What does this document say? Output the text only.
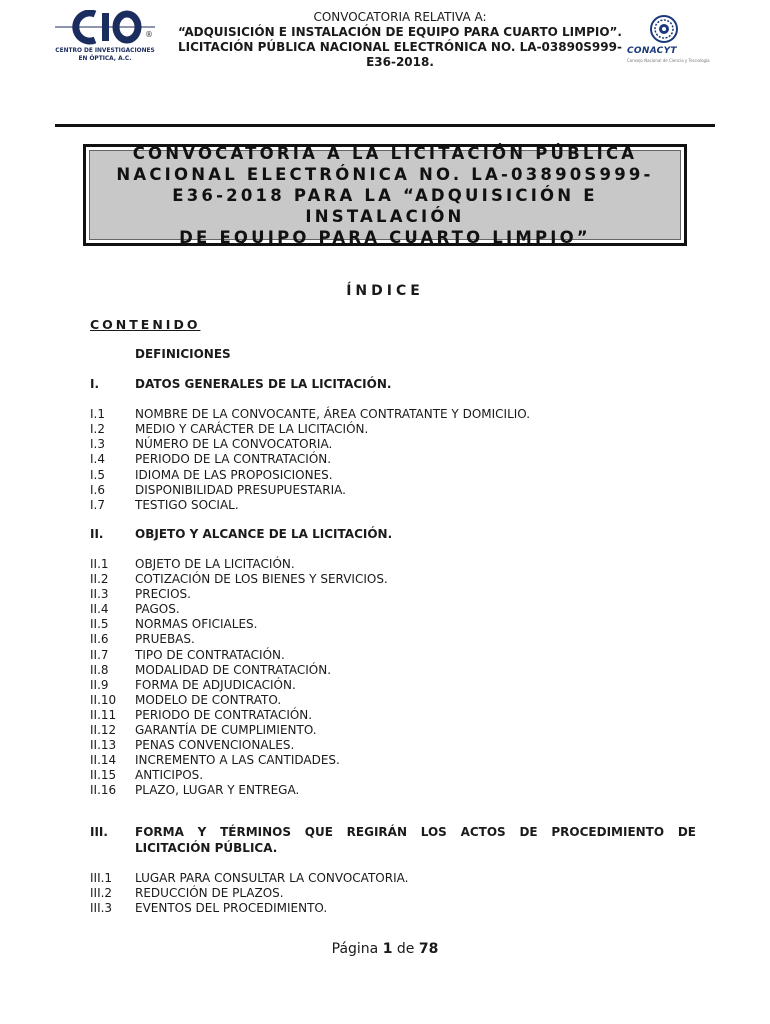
CENTRO DE INVESTIGACIONES EN ÓPTICA, A.C.
®
CONVOCATORIA RELATIVA A:
“ADQUISICIÓN E INSTALACIÓN DE EQUIPO PARA CUARTO LIMPIO”.
LICITACIÓN PÚBLICA NACIONAL ELECTRÓNICA NO. LA-03890S999-
E36-2018.
CONACYT
Consejo Nacional de Ciencia y Tecnología
CONVOCATORIA A LA LICITACIÓN PÚBLICA
NACIONAL ELECTRÓNICA NO. LA-03890S999-
E36-2018 PARA LA “ADQUISICIÓN E INSTALACIÓN
DE EQUIPO PARA CUARTO LIMPIO”
ÍNDICE
CONTENIDO
DEFINICIONES
I.	DATOS GENERALES DE LA LICITACIÓN.
I.1	NOMBRE DE LA CONVOCANTE, ÁREA CONTRATANTE Y DOMICILIO.
I.2	MEDIO Y CARÁCTER DE LA LICITACIÓN.
I.3	NÚMERO DE LA CONVOCATORIA.
I.4	PERIODO DE LA CONTRATACIÓN.
I.5	IDIOMA DE LAS PROPOSICIONES.
I.6	DISPONIBILIDAD PRESUPUESTARIA.
I.7	TESTIGO SOCIAL.
II.	OBJETO Y ALCANCE DE LA LICITACIÓN.
II.1	OBJETO DE LA LICITACIÓN.
II.2	COTIZACIÓN DE LOS BIENES Y SERVICIOS.
II.3	PRECIOS.
II.4	PAGOS.
II.5	NORMAS OFICIALES.
II.6	PRUEBAS.
II.7	TIPO DE CONTRATACIÓN.
II.8	MODALIDAD DE CONTRATACIÓN.
II.9	FORMA DE ADJUDICACIÓN.
II.10	MODELO DE CONTRATO.
II.11	PERIODO DE CONTRATACIÓN.
II.12	GARANTÍA DE CUMPLIMIENTO.
II.13	PENAS CONVENCIONALES.
II.14	INCREMENTO A LAS CANTIDADES.
II.15	ANTICIPOS.
II.16	PLAZO, LUGAR Y ENTREGA.
III.	FORMA Y TÉRMINOS QUE REGIRÁN LOS ACTOS DE PROCEDIMIENTO DE
LICITACIÓN PÚBLICA.
III.1	LUGAR PARA CONSULTAR LA CONVOCATORIA.
III.2	REDUCCIÓN DE PLAZOS.
III.3	EVENTOS DEL PROCEDIMIENTO.
Página 1 de 78
